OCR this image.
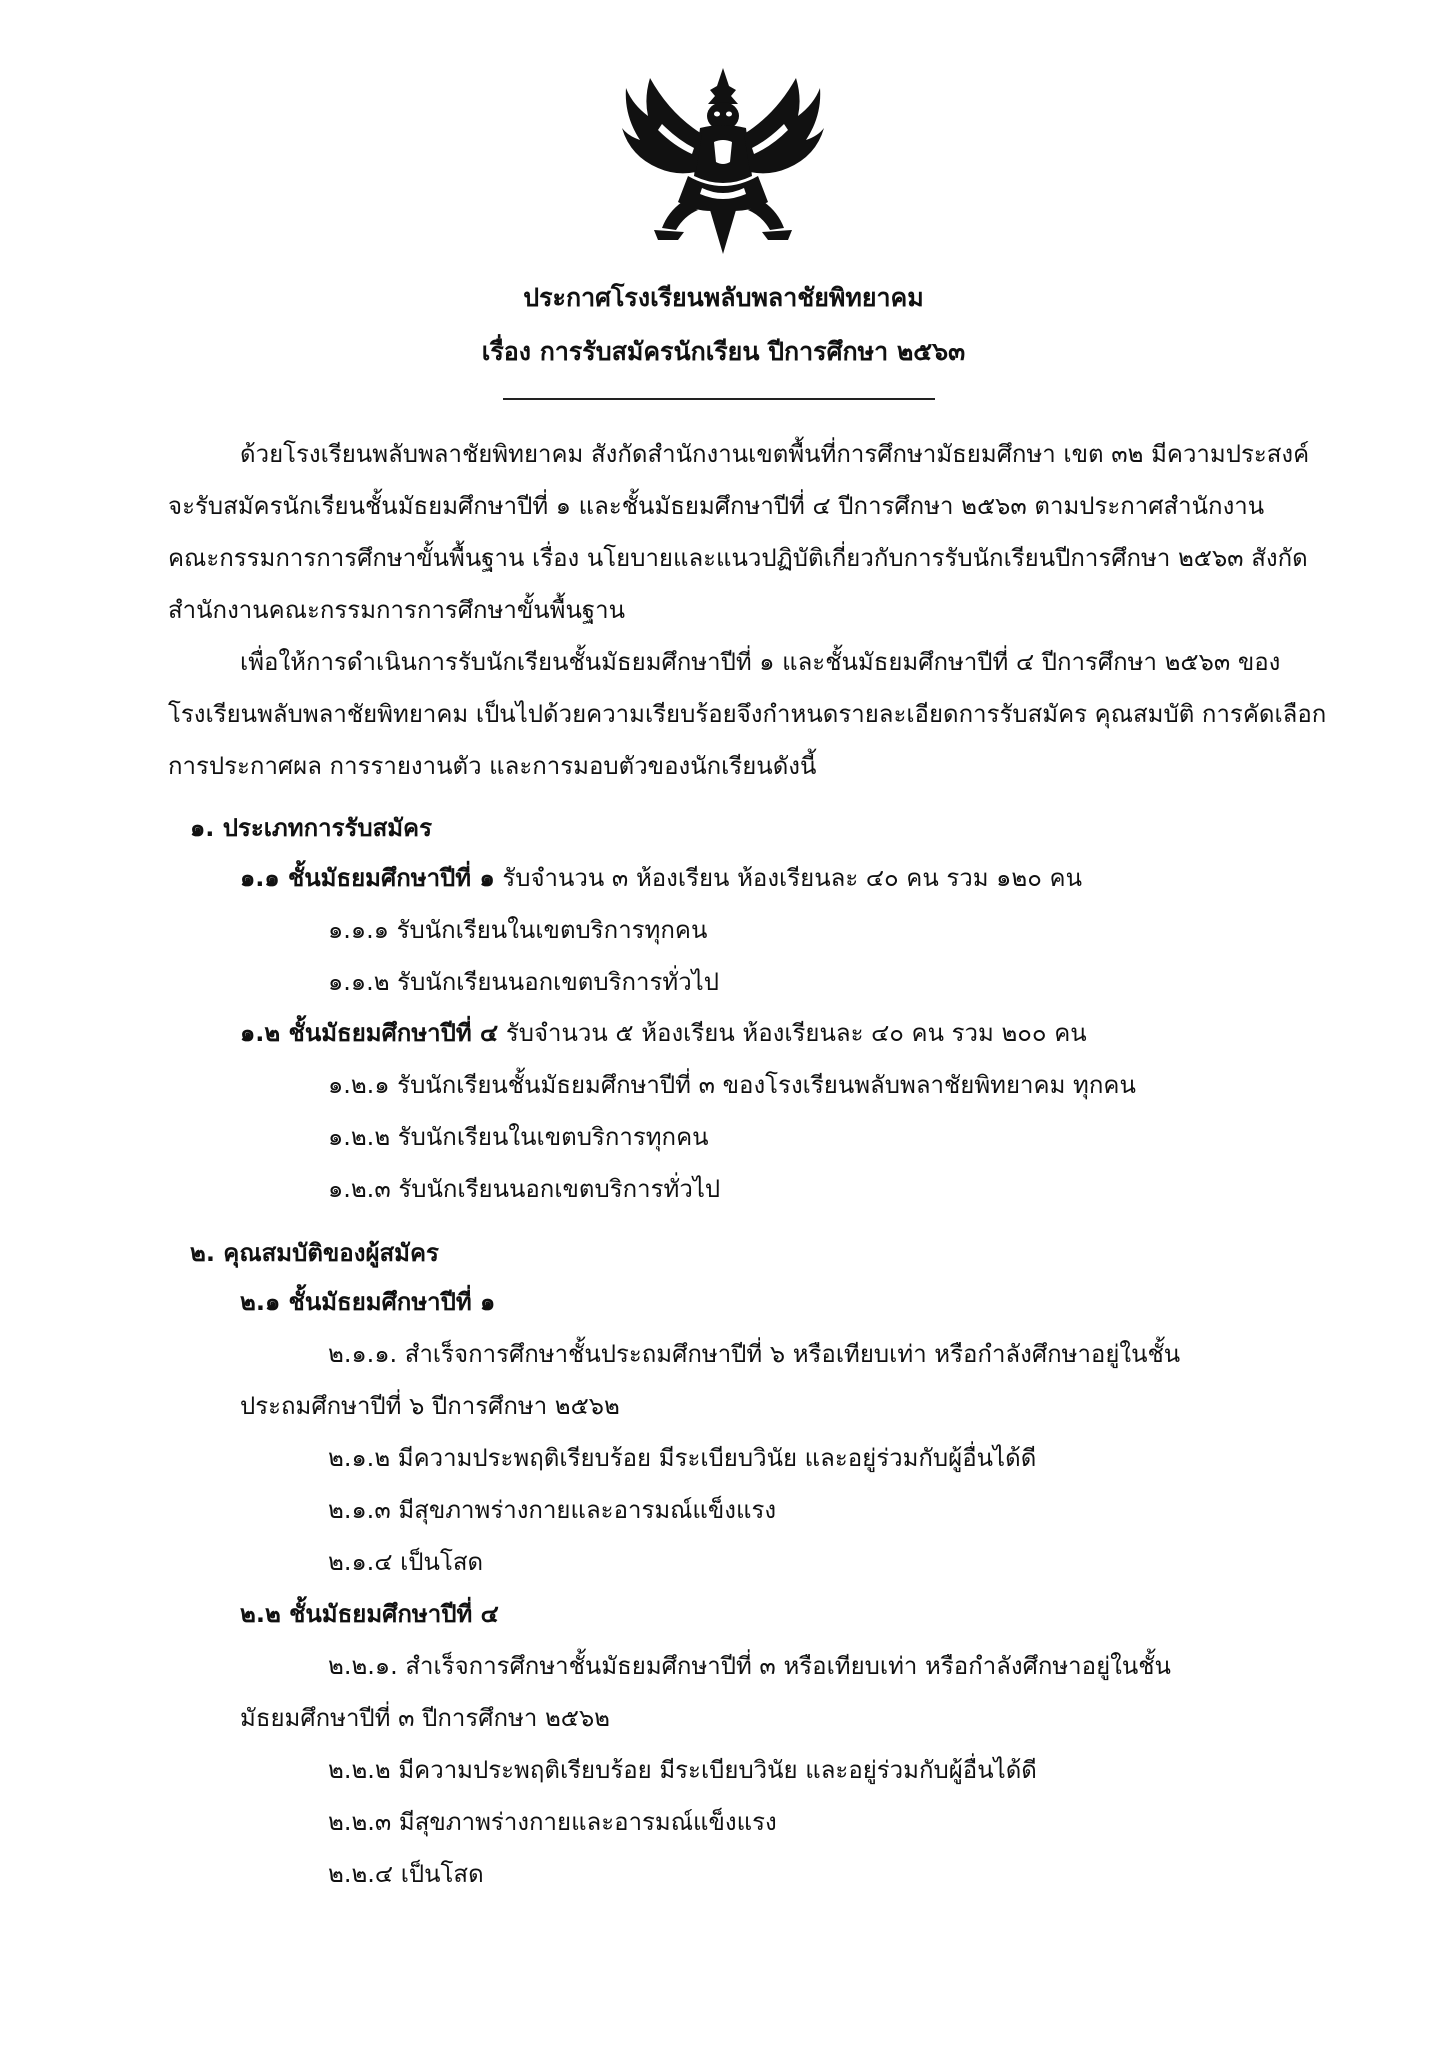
ประกาศโรงเรียนพลับพลาชัยพิทยาคม
เรื่อง การรับสมัครนักเรียน ปีการศึกษา ๒๕๖๓
ด้วยโรงเรียนพลับพลาชัยพิทยาคม สังกัดสำนักงานเขตพื้นที่การศึกษามัธยมศึกษา เขต ๓๒ มีความประสงค์
จะรับสมัครนักเรียนชั้นมัธยมศึกษาปีที่ ๑ และชั้นมัธยมศึกษาปีที่ ๔ ปีการศึกษา ๒๕๖๓ ตามประกาศสำนักงาน
คณะกรรมการการศึกษาขั้นพื้นฐาน เรื่อง นโยบายและแนวปฏิบัติเกี่ยวกับการรับนักเรียนปีการศึกษา ๒๕๖๓ สังกัด
สำนักงานคณะกรรมการการศึกษาขั้นพื้นฐาน
เพื่อให้การดำเนินการรับนักเรียนชั้นมัธยมศึกษาปีที่ ๑ และชั้นมัธยมศึกษาปีที่ ๔ ปีการศึกษา ๒๕๖๓ ของ
โรงเรียนพลับพลาชัยพิทยาคม เป็นไปด้วยความเรียบร้อยจึงกำหนดรายละเอียดการรับสมัคร คุณสมบัติ การคัดเลือก
การประกาศผล การรายงานตัว และการมอบตัวของนักเรียนดังนี้
๑. ประเภทการรับสมัคร
๑.๑ ชั้นมัธยมศึกษาปีที่ ๑ รับจำนวน ๓ ห้องเรียน ห้องเรียนละ ๔๐ คน รวม ๑๒๐ คน
๑.๑.๑ รับนักเรียนในเขตบริการทุกคน
๑.๑.๒ รับนักเรียนนอกเขตบริการทั่วไป
๑.๒ ชั้นมัธยมศึกษาปีที่ ๔ รับจำนวน ๕ ห้องเรียน ห้องเรียนละ ๔๐ คน รวม ๒๐๐ คน
๑.๒.๑ รับนักเรียนชั้นมัธยมศึกษาปีที่ ๓ ของโรงเรียนพลับพลาชัยพิทยาคม ทุกคน
๑.๒.๒ รับนักเรียนในเขตบริการทุกคน
๑.๒.๓ รับนักเรียนนอกเขตบริการทั่วไป
๒. คุณสมบัติของผู้สมัคร
๒.๑ ชั้นมัธยมศึกษาปีที่ ๑
๒.๑.๑. สำเร็จการศึกษาชั้นประถมศึกษาปีที่ ๖ หรือเทียบเท่า หรือกำลังศึกษาอยู่ในชั้น
ประถมศึกษาปีที่ ๖ ปีการศึกษา ๒๕๖๒
๒.๑.๒ มีความประพฤติเรียบร้อย มีระเบียบวินัย และอยู่ร่วมกับผู้อื่นได้ดี
๒.๑.๓ มีสุขภาพร่างกายและอารมณ์แข็งแรง
๒.๑.๔ เป็นโสด
๒.๒ ชั้นมัธยมศึกษาปีที่ ๔
๒.๒.๑. สำเร็จการศึกษาชั้นมัธยมศึกษาปีที่ ๓ หรือเทียบเท่า หรือกำลังศึกษาอยู่ในชั้น
มัธยมศึกษาปีที่ ๓ ปีการศึกษา ๒๕๖๒
๒.๒.๒ มีความประพฤติเรียบร้อย มีระเบียบวินัย และอยู่ร่วมกับผู้อื่นได้ดี
๒.๒.๓ มีสุขภาพร่างกายและอารมณ์แข็งแรง
๒.๒.๔ เป็นโสด
